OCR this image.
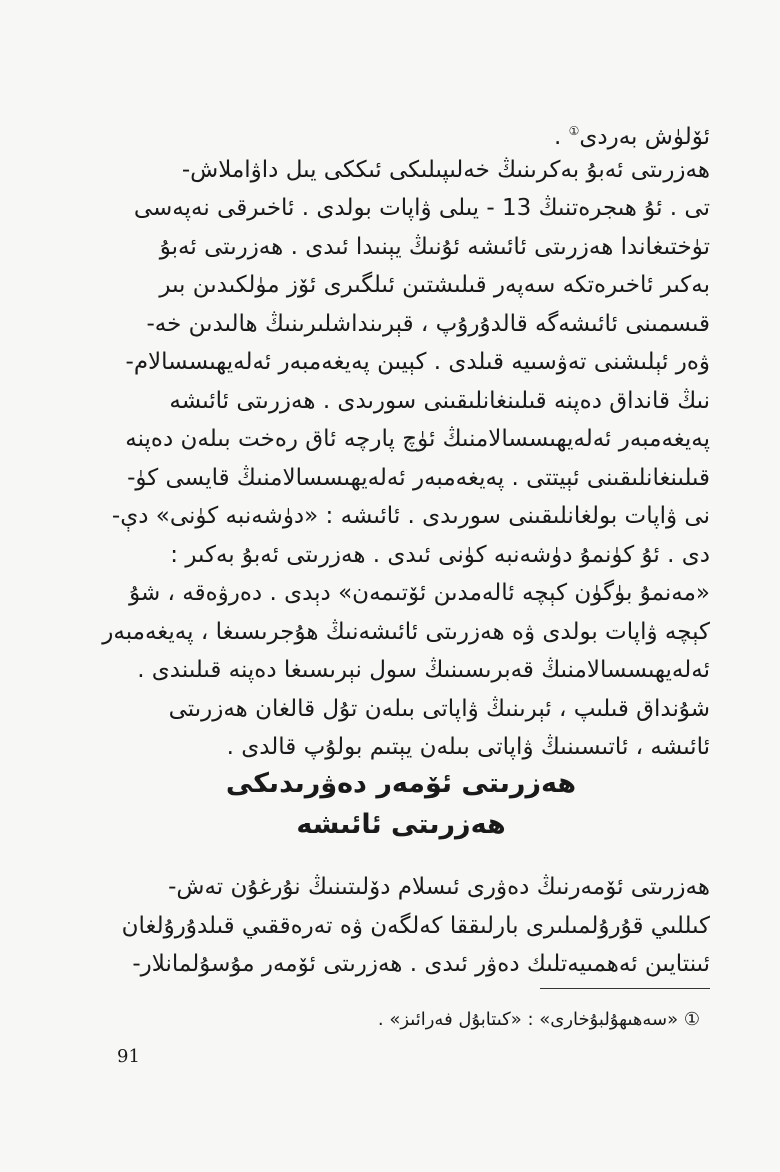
ئۆلۈش بەردى① .
ھەزرىتى ئەبۇ بەكرىنىڭ خەلىپىلىكى ئىككى يىل داۋاملاش-
تى . ئۇ ھىجرەتنىڭ 13 - يىلى ۋاپات بولدى . ئاخىرقى نەپەسى
تۈختىغاندا ھەزرىتى ئائىشە ئۇنىڭ يېنىدا ئىدى . ھەزرىتى ئەبۇ
بەكىر ئاخىرەتكە سەپەر قىلىشتىن ئىلگىرى ئۆز مۈلكىدىن بىر
قىسمىنى ئائىشەگە قالدۇرۇپ ، قېرىنداشلىرىنىڭ ھالىدىن خە-
ۋەر ئېلىشنى تەۋسىيە قىلدى . كېيىن پەيغەمبەر ئەلەيھىسسالام-
نىڭ قانداق دەپنە قىلىنغانلىقىنى سورىدى . ھەزرىتى ئائىشە
پەيغەمبەر ئەلەيھىسسالامنىڭ ئۈچ پارچە ئاق رەخت بىلەن دەپنە
قىلىنغانلىقىنى ئېيتتى . پەيغەمبەر ئەلەيھىسسالامنىڭ قايسى كۈ-
نى ۋاپات بولغانلىقىنى سورىدى . ئائىشە : «دۈشەنبە كۈنى» دې-
دى . ئۇ كۈنمۇ دۈشەنبە كۈنى ئىدى . ھەزرىتى ئەبۇ بەكىر :
«مەنمۇ بۈگۈن كېچە ئالەمدىن ئۆتىمەن» دېدى . دەرۋەقە ، شۇ
كېچە ۋاپات بولدى ۋە ھەزرىتى ئائىشەنىڭ ھۇجرىسىغا ، پەيغەمبەر
ئەلەيھىسسالامنىڭ قەبرىسىنىڭ سول نېرىسىغا دەپنە قىلىندى .
شۇنداق قىلىپ ، ئېرىنىڭ ۋاپاتى بىلەن تۇل قالغان ھەزرىتى
ئائىشە ، ئاتىسىنىڭ ۋاپاتى بىلەن يېتىم بولۇپ قالدى .
ھەزرىتى ئۆمەر دەۋرىدىكى
ھەزرىتى ئائىشە
ھەزرىتى ئۆمەرنىڭ دەۋرى ئىسلام دۆلىتىنىڭ نۇرغۇن تەش-
كىللىي قۇرۇلمىلىرى بارلىققا كەلگەن ۋە تەرەققىي قىلدۇرۇلغان
ئىنتايىن ئەھمىيەتلىك دەۋر ئىدى . ھەزرىتى ئۆمەر مۇسۇلمانلار-
① «سەھىھۇلبۇخارى» : «كىتابۇل فەرائىز» .
91
